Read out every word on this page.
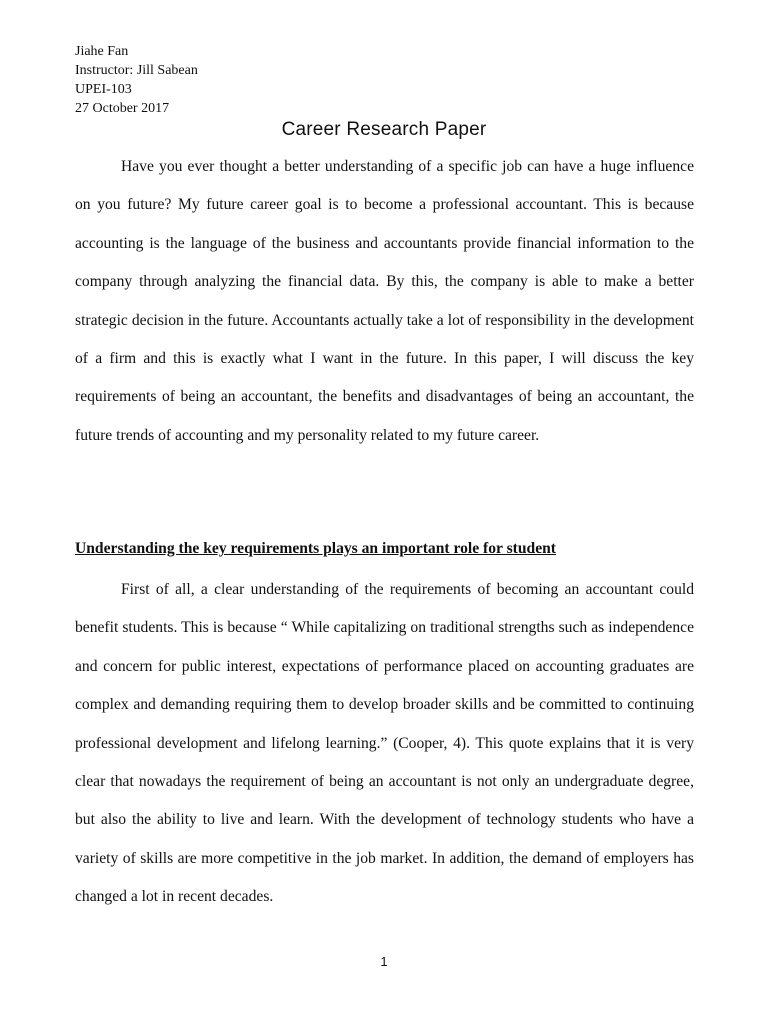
Jiahe Fan
Instructor: Jill Sabean
UPEI-103
27 October 2017
Career Research Paper

Have you ever thought a better understanding of a specific job can have a huge influence on you future? My future career goal is to become a professional accountant. This is because accounting is the language of the business and accountants provide financial information to the company through analyzing the financial data. By this, the company is able to make a better strategic decision in the future. Accountants actually take a lot of responsibility in the development of a firm and this is exactly what I want in the future. In this paper, I will discuss the key requirements of being an accountant, the benefits and disadvantages of being an accountant, the future trends of accounting and my personality related to my future career.

Understanding the key requirements plays an important role for student

First of all, a clear understanding of the requirements of becoming an accountant could benefit students. This is because “ While capitalizing on traditional strengths such as independence and concern for public interest, expectations of performance placed on accounting graduates are complex and demanding requiring them to develop broader skills and be committed to continuing professional development and lifelong learning.” (Cooper, 4). This quote explains that it is very clear that nowadays the requirement of being an accountant is not only an undergraduate degree, but also the ability to live and learn. With the development of technology students who have a variety of skills are more competitive in the job market. In addition, the demand of employers has changed a lot in recent decades.

1
